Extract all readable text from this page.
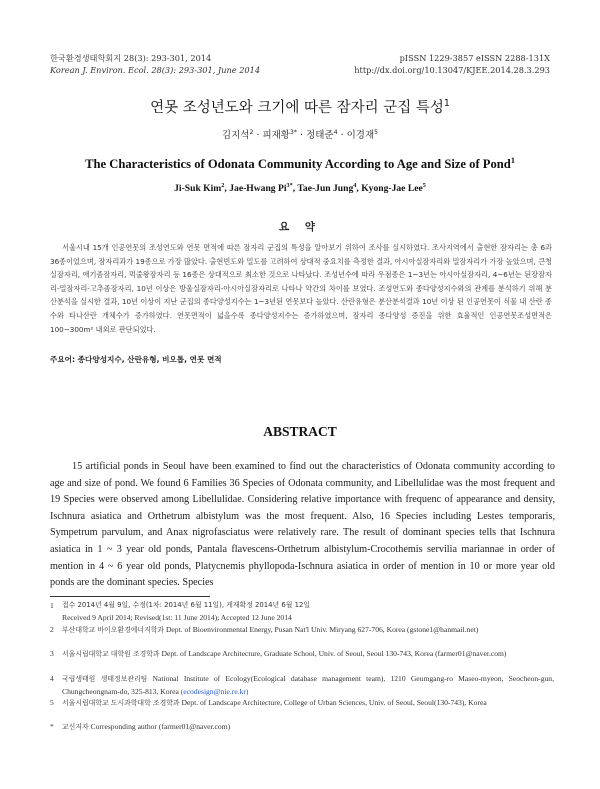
한국환경생태학회지 28(3): 293-301, 2014
Korean J. Environ. Ecol. 28(3): 293-301, June 2014
pISSN 1229-3857 eISSN 2288-131X
http://dx.doi.org/10.13047/KJEE.2014.28.3.293
연못 조성년도와 크기에 따른 잠자리 군집 특성$^1$
김지석$^2$ · 피재황$^{3*}$ · 정태준$^4$ · 이경재$^5$
The Characteristics of Odonata Community According to Age and Size of Pond$^1$
Ji-Suk Kim$^2$, Jae-Hwang $Pi^{3*}$, Tae-Jun Jung$^4$, Kyong-Jae Lee$^5$
요 약
서울시내 15개 인공연못의 조성연도와 연못 면적에 따른 잠자리 군집의 특성을 알아보기 위하여 조사를 실시하였다. 조사지역에서 출현한 잠자리는 총 6과 36종이었으며, 잠자리과가 19종으로 가장 많았다. 출현빈도와 밀도를 고려하여 상대적 중요치를 측정한 결과, 아시아실잠자리와 밀잠자리가 가장 높았으며, 큰청실잠자리, 애기좀잠자리, 먹줄왕잠자리 등 16종은 상대적으로 최소한 것으로 나타났다. 조성년수에 따라 우점종은 1~3년는 아시아실잠자리, 4~6년는 된장잠자리-밀잠자리-고추좀잠자리, 10년 이상은 방울실잠자리-아시아실잠자리로 나타나 약간의 차이를 보였다. 조성연도와 종다양성지수와의 관계를 분석하기 위해 분산분석을 실시한 결과, 10년 이상이 지난 군집의 종다양성지수는 1~3년된 연못보다 높았다. 산란유형은 분산분석결과 10년 이상 된 인공연못이 식물 내 산란 종수와 타나산란 개체수가 증가하였다. 연못면적이 넓을수록 종다양성지수는 증가하였으며, 잠자리 종다양성 증진을 위한 효율적인 인공연못조성면적은 100~300m² 내외로 판단되었다.
주요어: 종다양성지수, 산란유형, 비오톱, 연못 면적
ABSTRACT
15 artificial ponds in Seoul have been examined to find out the characteristics of Odonata community according to age and size of pond. We found 6 Families 36 Species of Odonata community, and Libellulidae was the most frequent and 19 Species were observed among Libellulidae. Considering relative importance with frequenc of appearance and density, Ischnura asiatica and Orthetrum albistylum was the most frequent. Also, 16 Species including Lestes temporaris, Sympetrum parvulum, and Anax nigrofasciatus were relatively rare. The result of dominant species tells that Ischnura asiatica in 1 ~ 3 year old ponds, Pantala flavescens-Orthetrum albistylum-Crocothemis servilia mariannae in order of mention in 4 ~ 6 year old ponds, Platycnemis phyllopoda-Ischnura asiatica in order of mention in 10 or more year old ponds are the dominant species. Species
1 접수 2014년 4월 9일, 수정(1차: 2014년 6월 11일), 게재확정 2014년 6월 12일
Received 9 April 2014; Revised(1st: 11 June 2014); Accepted 12 June 2014
2 부산대학교 바이오환경에너지학과 Dept. of Bioenvironmental Energy, Pusan Nat'l Univ. Miryang 627-706, Korea (gstone1@hanmail.net)
3 서울시립대학교 대학원 조경학과 Dept. of Landscape Architecture, Graduate School, Univ. of Seoul, Seoul 130-743, Korea (farmer01@naver.com)
4 국립생태원 생태정보관리팀 National Institute of Ecology(Ecological database management team), 1210 Geumgang-ro Maseo-myeon, Seocheon-gun, Chungcheongnam-do, 325-813, Korea (ecodesign@nie.re.kr)
5 서울시립대학교 도시과학대학 조경학과 Dept. of Landscape Architecture, College of Urban Sciences, Univ. of Seoul, Seoul(130-743), Korea
* 교신저자 Corresponding author (farmer01@naver.com)
